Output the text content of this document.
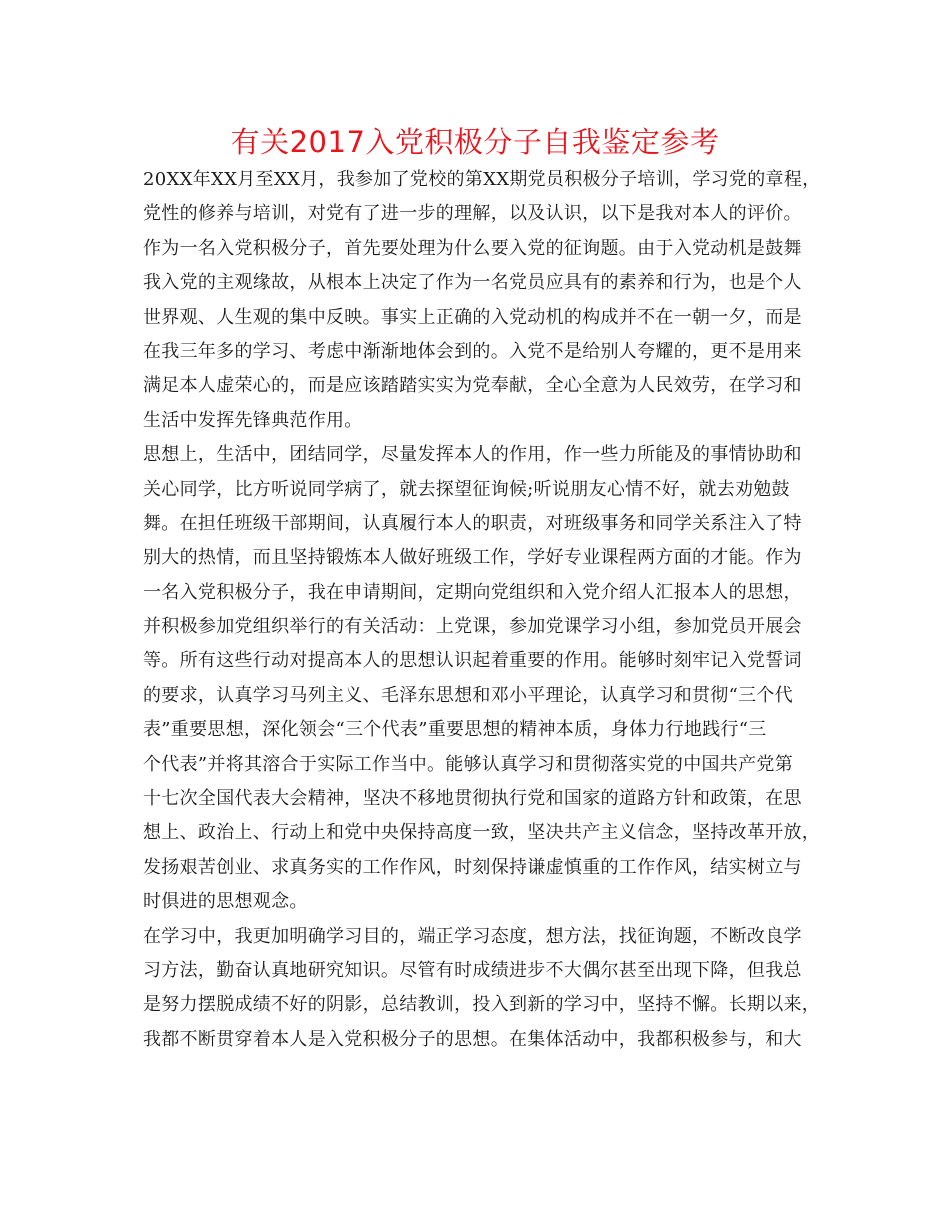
有关2017入党积极分子自我鉴定参考
20XX年XX月至XX月，我参加了党校的第XX期党员积极分子培训，学习党的章程，
党性的修养与培训，对党有了进一步的理解，以及认识，以下是我对本人的评价。
作为一名入党积极分子，首先要处理为什么要入党的征询题。由于入党动机是鼓舞
我入党的主观缘故，从根本上决定了作为一名党员应具有的素养和行为，也是个人
世界观、人生观的集中反映。事实上正确的入党动机的构成并不在一朝一夕，而是
在我三年多的学习、考虑中渐渐地体会到的。入党不是给别人夸耀的，更不是用来
满足本人虚荣心的，而是应该踏踏实实为党奉献，全心全意为人民效劳，在学习和
生活中发挥先锋典范作用。
思想上，生活中，团结同学，尽量发挥本人的作用，作一些力所能及的事情协助和
关心同学，比方听说同学病了，就去探望征询候;听说朋友心情不好，就去劝勉鼓
舞。在担任班级干部期间，认真履行本人的职责，对班级事务和同学关系注入了特
别大的热情，而且坚持锻炼本人做好班级工作，学好专业课程两方面的才能。作为
一名入党积极分子，我在申请期间，定期向党组织和入党介绍人汇报本人的思想，
并积极参加党组织举行的有关活动：上党课，参加党课学习小组，参加党员开展会
等。所有这些行动对提高本人的思想认识起着重要的作用。能够时刻牢记入党誓词
的要求，认真学习马列主义、毛泽东思想和邓小平理论，认真学习和贯彻“三个代
表”重要思想，深化领会“三个代表”重要思想的精神本质，身体力行地践行“三
个代表”并将其溶合于实际工作当中。能够认真学习和贯彻落实党的中国共产党第
十七次全国代表大会精神，坚决不移地贯彻执行党和国家的道路方针和政策，在思
想上、政治上、行动上和党中央保持高度一致，坚决共产主义信念，坚持改革开放，
发扬艰苦创业、求真务实的工作作风，时刻保持谦虚慎重的工作作风，结实树立与
时俱进的思想观念。
在学习中，我更加明确学习目的，端正学习态度，想方法，找征询题，不断改良学
习方法，勤奋认真地研究知识。尽管有时成绩进步不大偶尔甚至出现下降，但我总
是努力摆脱成绩不好的阴影，总结教训，投入到新的学习中，坚持不懈。长期以来，
我都不断贯穿着本人是入党积极分子的思想。在集体活动中，我都积极参与，和大
